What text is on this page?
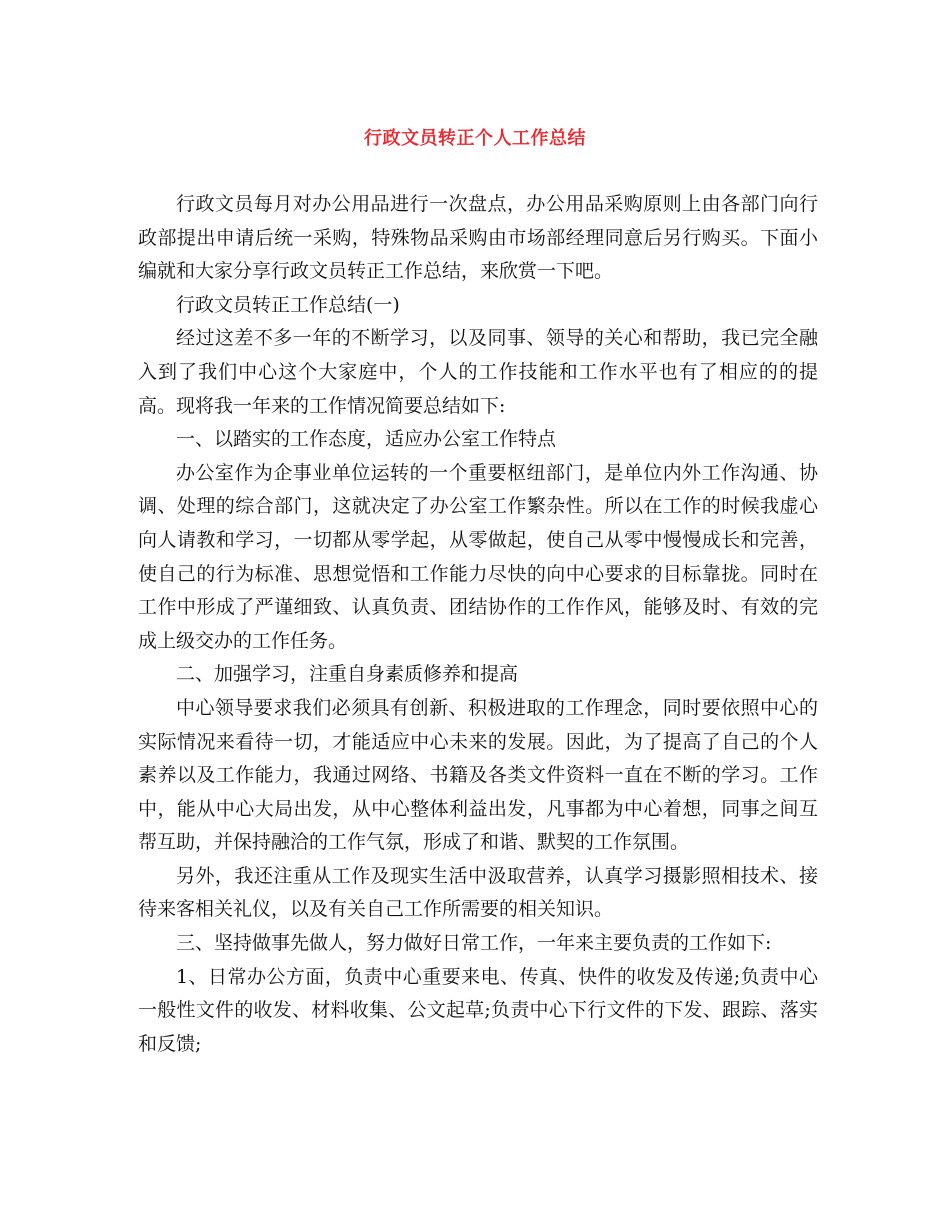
行政文员转正个人工作总结

行政文员每月对办公用品进行一次盘点，办公用品采购原则上由各部门向行政部提出申请后统一采购，特殊物品采购由市场部经理同意后另行购买。下面小编就和大家分享行政文员转正工作总结，来欣赏一下吧。

行政文员转正工作总结(一)

经过这差不多一年的不断学习，以及同事、领导的关心和帮助，我已完全融入到了我们中心这个大家庭中，个人的工作技能和工作水平也有了相应的的提高。现将我一年来的工作情况简要总结如下:

一、以踏实的工作态度，适应办公室工作特点

办公室作为企事业单位运转的一个重要枢纽部门，是单位内外工作沟通、协调、处理的综合部门，这就决定了办公室工作繁杂性。所以在工作的时候我虚心向人请教和学习，一切都从零学起，从零做起，使自己从零中慢慢成长和完善，使自己的行为标准、思想觉悟和工作能力尽快的向中心要求的目标靠拢。同时在工作中形成了严谨细致、认真负责、团结协作的工作作风，能够及时、有效的完成上级交办的工作任务。

二、加强学习，注重自身素质修养和提高

中心领导要求我们必须具有创新、积极进取的工作理念，同时要依照中心的实际情况来看待一切，才能适应中心未来的发展。因此，为了提高了自己的个人素养以及工作能力，我通过网络、书籍及各类文件资料一直在不断的学习。工作中，能从中心大局出发，从中心整体利益出发，凡事都为中心着想，同事之间互帮互助，并保持融洽的工作气氛，形成了和谐、默契的工作氛围。

另外，我还注重从工作及现实生活中汲取营养，认真学习摄影照相技术、接待来客相关礼仪，以及有关自己工作所需要的相关知识。

三、坚持做事先做人，努力做好日常工作，一年来主要负责的工作如下:

1、日常办公方面，负责中心重要来电、传真、快件的收发及传递;负责中心一般性文件的收发、材料收集、公文起草;负责中心下行文件的下发、跟踪、落实和反馈;
